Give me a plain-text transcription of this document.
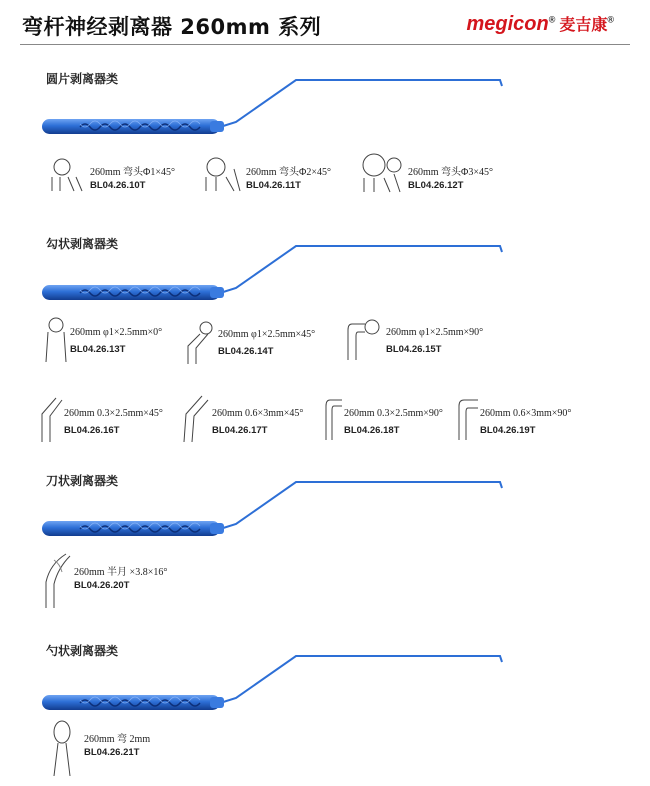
弯杆神经剥离器 260mm 系列	megicon® 麦吉康®
圆片剥离器类
260mm 弯头Φ1×45°
BL04.26.10T
260mm 弯头Φ2×45°
BL04.26.11T
260mm 弯头Φ3×45°
BL04.26.12T
勾状剥离器类
260mm φ1×2.5mm×0°
BL04.26.13T
260mm φ1×2.5mm×45°
BL04.26.14T
260mm φ1×2.5mm×90°
BL04.26.15T
260mm 0.3×2.5mm×45°
BL04.26.16T
260mm 0.6×3mm×45°
BL04.26.17T
260mm 0.3×2.5mm×90°
BL04.26.18T
260mm 0.6×3mm×90°
BL04.26.19T
刀状剥离器类
260mm 半月 ×3.8×16°
BL04.26.20T
勺状剥离器类
260mm 弯 2mm
BL04.26.21T
